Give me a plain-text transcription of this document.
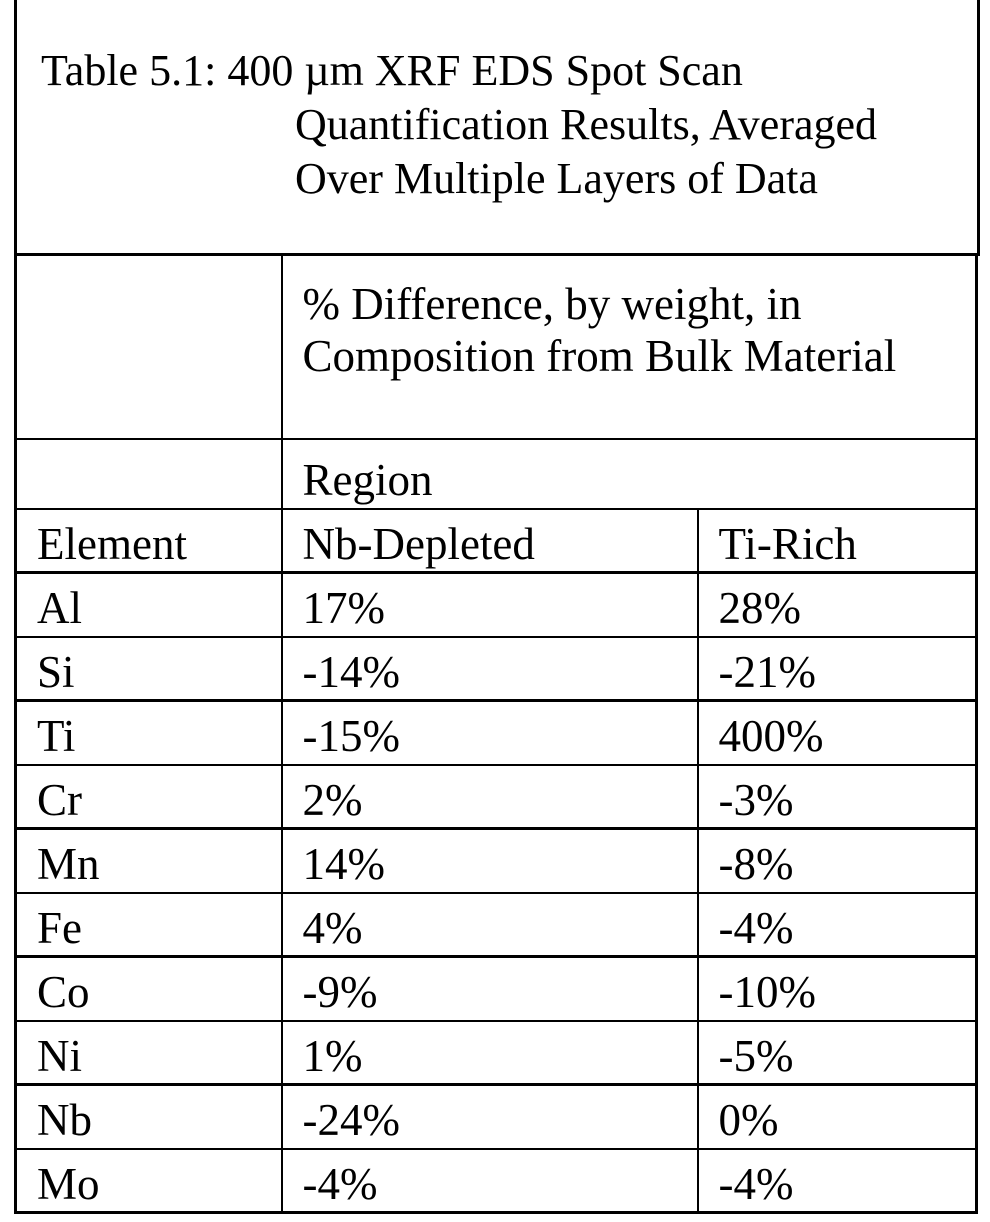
Table 5.1: 400 µm XRF EDS Spot Scan
Quantification Results, Averaged
Over Multiple Layers of Data
	% Difference, by weight, in Composition from Bulk Material	
	Region	
Element	Nb-Depleted	Ti-Rich
Al	17%	28%
Si	-14%	-21%
Ti	-15%	400%
Cr	2%	-3%
Mn	14%	-8%
Fe	4%	-4%
Co	-9%	-10%
Ni	1%	-5%
Nb	-24%	0%
Mo	-4%	-4%
